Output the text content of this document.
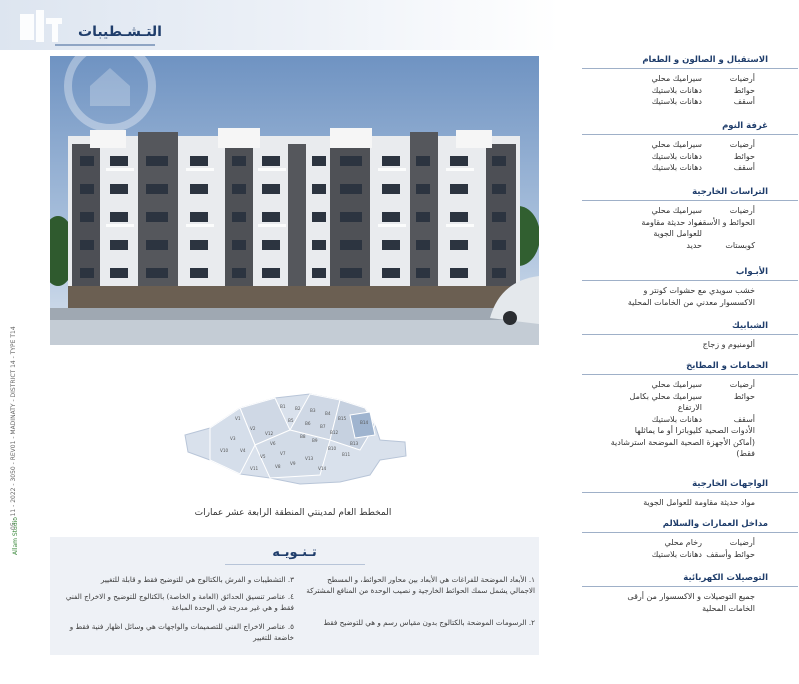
التـشـطيبات
05 - 11 - 2022 - 3050 - REV01 - MADINATY - DISTRICT 14 - TYPE T14
Allam Studio
B1 B2 B3
B4
B5
B6
B7
B8
B9
B10
B11
B12
B13
B14
B15
V1
V2
V3
V4
V5
V6
V7
V8
V9
V10
V11
V12
V13
V14
المخطط العام لمدينتي المنطقة الرابعة عشر عمارات
تـنـويـه
١. الأبعاد الموضحة للفراغات هي الأبعاد بين محاور الحوائط، و المسطح الاجمالي يشمل سمك الحوائط الخارجية و نصيب الوحدة من المنافع المشتركة
٢. الرسومات الموضحة بالكتالوج بدون مقياس رسم و هي للتوضيح فقط
٣. التشطيبات و الفرش بالكتالوج هي للتوضيح فقط و قابلة للتغيير
٤. عناصر تنسيق الحدائق (العامة و الخاصة) بالكتالوج للتوضيح و الاخراج الفني فقط و هي غير مدرجة في الوحدة المباعة
٥. عناصر الاخراج الفني للتصميمات والواجهات هي وسائل اظهار فنية فقط و خاضعة للتغيير
الاستقبال و الصالون و الطعام
أرضيات
سيراميك محلي
حوائط
دهانات بلاستيك
أسقف
دهانات بلاستيك
غرفة النوم
أرضيات
سيراميك محلي
حوائط
دهانات بلاستيك
أسقف
دهانات بلاستيك
التراسات الخارجية
أرضيات
سيراميك محلي
الحوائط و الأسقف
مواد حديثة مقاومة
للعوامل الجوية
كوبستات
حديد
الأبـواب
خشب سويدي مع حشوات كونتر و
الاكسسوار معدني من الخامات المحلية
الشبابيك
ألومنيوم و زجاج
الحمامات و المطابخ
أرضيات
سيراميك محلي
حوائط
سيراميك محلي بكامل
الارتفاع
أسقف
دهانات بلاستيك
الأدوات الصحية
كليوباترا أو ما يماثلها
(أماكن الأجهزة الصحية الموضحة استرشادية
فقط)
الواجهات الخارجية
مواد حديثة مقاومة للعوامل الجوية
مداخل العمارات والسلالم
أرضيات
رخام محلي
حوائط وأسقف
دهانات بلاستيك
التوصيلات الكهربائية
جميع التوصيلات و الاكسسوار من أرقى
الخامات المحلية
